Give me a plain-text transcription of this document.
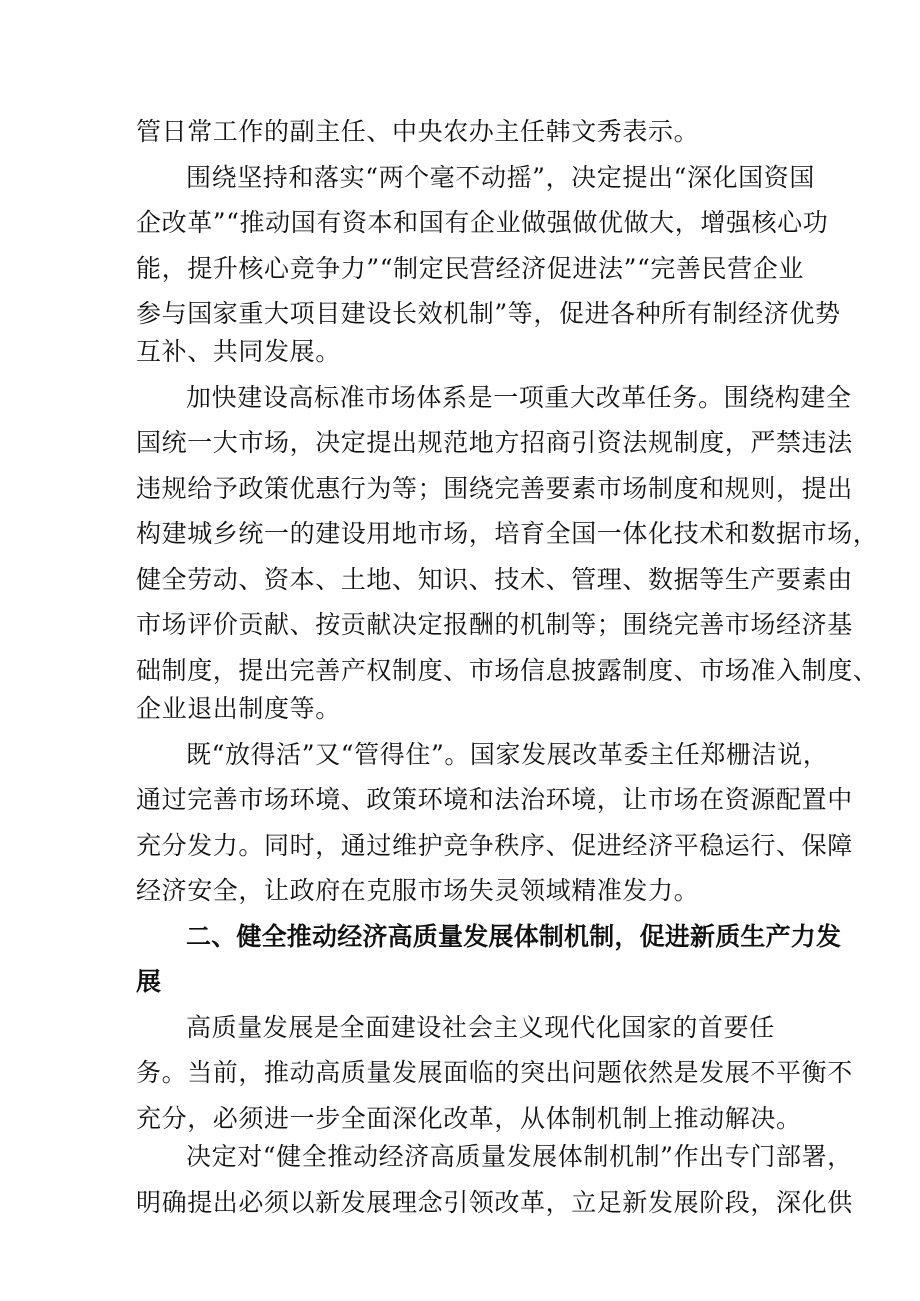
管日常工作的副主任、中央农办主任韩文秀表示。
围绕坚持和落实“两个毫不动摇”，决定提出“深化国资国
企改革”“推动国有资本和国有企业做强做优做大，增强核心功
能，提升核心竞争力”“制定民营经济促进法”“完善民营企业
参与国家重大项目建设长效机制”等，促进各种所有制经济优势
互补、共同发展。
加快建设高标准市场体系是一项重大改革任务。围绕构建全
国统一大市场，决定提出规范地方招商引资法规制度，严禁违法
违规给予政策优惠行为等；围绕完善要素市场制度和规则，提出
构建城乡统一的建设用地市场，培育全国一体化技术和数据市场，
健全劳动、资本、土地、知识、技术、管理、数据等生产要素由
市场评价贡献、按贡献决定报酬的机制等；围绕完善市场经济基
础制度，提出完善产权制度、市场信息披露制度、市场准入制度、
企业退出制度等。
既“放得活”又“管得住”。国家发展改革委主任郑栅洁说，
通过完善市场环境、政策环境和法治环境，让市场在资源配置中
充分发力。同时，通过维护竞争秩序、促进经济平稳运行、保障
经济安全，让政府在克服市场失灵领域精准发力。
二、健全推动经济高质量发展体制机制，促进新质生产力发
展
高质量发展是全面建设社会主义现代化国家的首要任
务。当前，推动高质量发展面临的突出问题依然是发展不平衡不
充分，必须进一步全面深化改革，从体制机制上推动解决。
决定对“健全推动经济高质量发展体制机制”作出专门部署，
明确提出必须以新发展理念引领改革，立足新发展阶段，深化供
